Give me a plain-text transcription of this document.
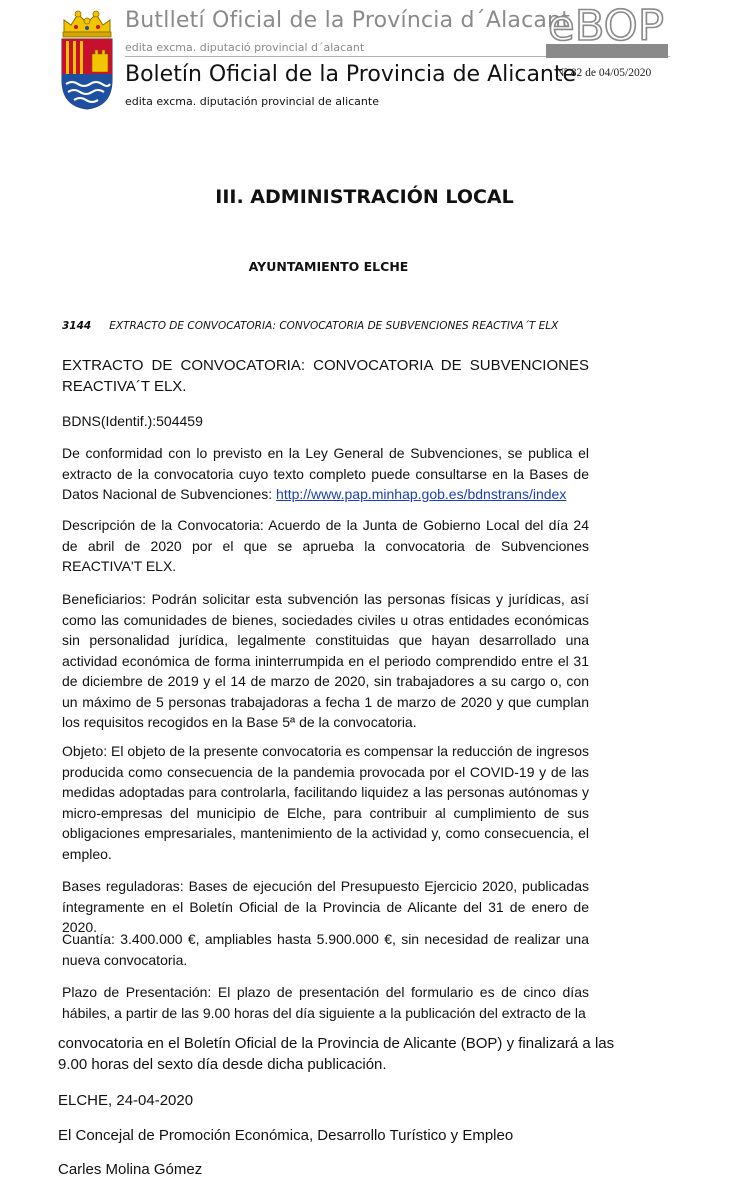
Butlletí Oficial de la Província d´Alacant
edita excma. diputació provincial d´alacant
Boletín Oficial de la Provincia de Alicante
edita excma. diputación provincial de alicante
eBOP
Nº 82 de 04/05/2020
III. ADMINISTRACIÓN LOCAL
AYUNTAMIENTO ELCHE
3144 EXTRACTO DE CONVOCATORIA: CONVOCATORIA DE SUBVENCIONES REACTIVA´T ELX
EXTRACTO DE CONVOCATORIA: CONVOCATORIA DE SUBVENCIONES REACTIVA´T ELX.
BDNS(Identif.):504459
De conformidad con lo previsto en la Ley General de Subvenciones, se publica el extracto de la convocatoria cuyo texto completo puede consultarse en la Bases de Datos Nacional de Subvenciones: http://www.pap.minhap.gob.es/bdnstrans/index
Descripción de la Convocatoria: Acuerdo de la Junta de Gobierno Local del día 24 de abril de 2020 por el que se aprueba la convocatoria de Subvenciones REACTIVA'T ELX.
Beneficiarios: Podrán solicitar esta subvención las personas físicas y jurídicas, así como las comunidades de bienes, sociedades civiles u otras entidades económicas sin personalidad jurídica, legalmente constituidas que hayan desarrollado una actividad económica de forma ininterrumpida en el periodo comprendido entre el 31 de diciembre de 2019 y el 14 de marzo de 2020, sin trabajadores a su cargo o, con un máximo de 5 personas trabajadoras a fecha 1 de marzo de 2020 y que cumplan los requisitos recogidos en la Base 5ª de la convocatoria.
Objeto: El objeto de la presente convocatoria es compensar la reducción de ingresos producida como consecuencia de la pandemia provocada por el COVID-19 y de las medidas adoptadas para controlarla, facilitando liquidez a las personas autónomas y micro-empresas del municipio de Elche, para contribuir al cumplimiento de sus obligaciones empresariales, mantenimiento de la actividad y, como consecuencia, el empleo.
Bases reguladoras: Bases de ejecución del Presupuesto Ejercicio 2020, publicadas íntegramente en el Boletín Oficial de la Provincia de Alicante del 31 de enero de 2020.
Cuantía: 3.400.000 €, ampliables hasta 5.900.000 €, sin necesidad de realizar una nueva convocatoria.
Plazo de Presentación: El plazo de presentación del formulario es de cinco días hábiles, a partir de las 9.00 horas del día siguiente a la publicación del extracto de la
convocatoria en el Boletín Oficial de la Provincia de Alicante (BOP) y finalizará a las
9.00 horas del sexto día desde dicha publicación.
ELCHE, 24-04-2020
El Concejal de Promoción Económica, Desarrollo Turístico y Empleo
Carles Molina Gómez
